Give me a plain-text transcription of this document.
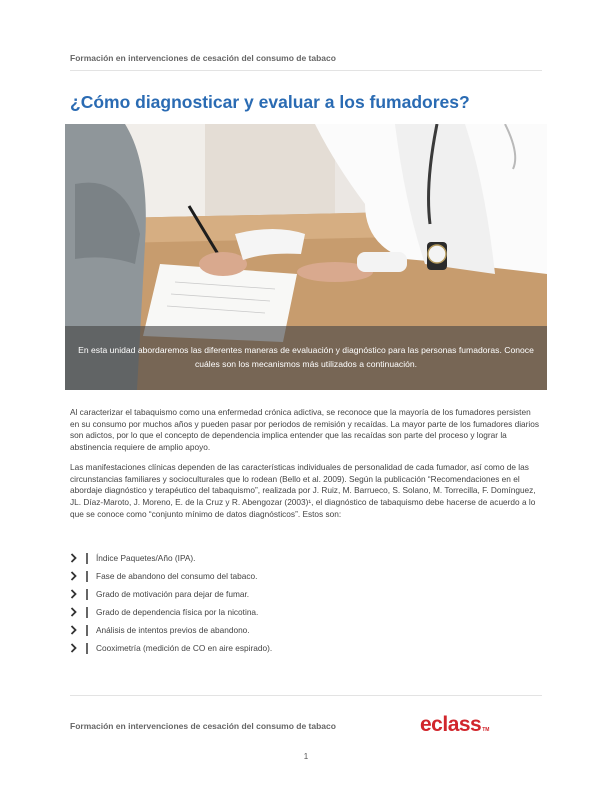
Formación en intervenciones de cesación del consumo de tabaco
¿Cómo diagnosticar y evaluar a los fumadores?
En esta unidad abordaremos las diferentes maneras de evaluación y diagnóstico para las personas fumadoras. Conoce cuáles son los mecanismos más utilizados a continuación.

Al caracterizar el tabaquismo como una enfermedad crónica adictiva, se reconoce que la mayoría de los fumadores persisten en su consumo por muchos años y pueden pasar por periodos de remisión y recaídas. La mayor parte de los fumadores diarios son adictos, por lo que el concepto de dependencia implica entender que las recaídas son parte del proceso y lograr la abstinencia requiere de amplio apoyo.

Las manifestaciones clínicas dependen de las características individuales de personalidad de cada fumador, así como de las circunstancias familiares y socioculturales que lo rodean (Bello et al. 2009). Según la publicación “Recomendaciones en el abordaje diagnóstico y terapéutico del tabaquismo”, realizada por J. Ruiz, M. Barrueco, S. Solano, M. Torrecilla, F. Domínguez, JL. Díaz-Maroto, J. Moreno, E. de la Cruz y R. Abengozar (2003)¹, el diagnóstico de tabaquismo debe hacerse de acuerdo a lo que se conoce como “conjunto mínimo de datos diagnósticos”. Estos son:

Índice Paquetes/Año (IPA).
Fase de abandono del consumo del tabaco.
Grado de motivación para dejar de fumar.
Grado de dependencia física por la nicotina.
Análisis de intentos previos de abandono.
Cooximetría (medición de CO en aire espirado).
Formación en intervenciones de cesación del consumo de tabaco	eclassTM
1
